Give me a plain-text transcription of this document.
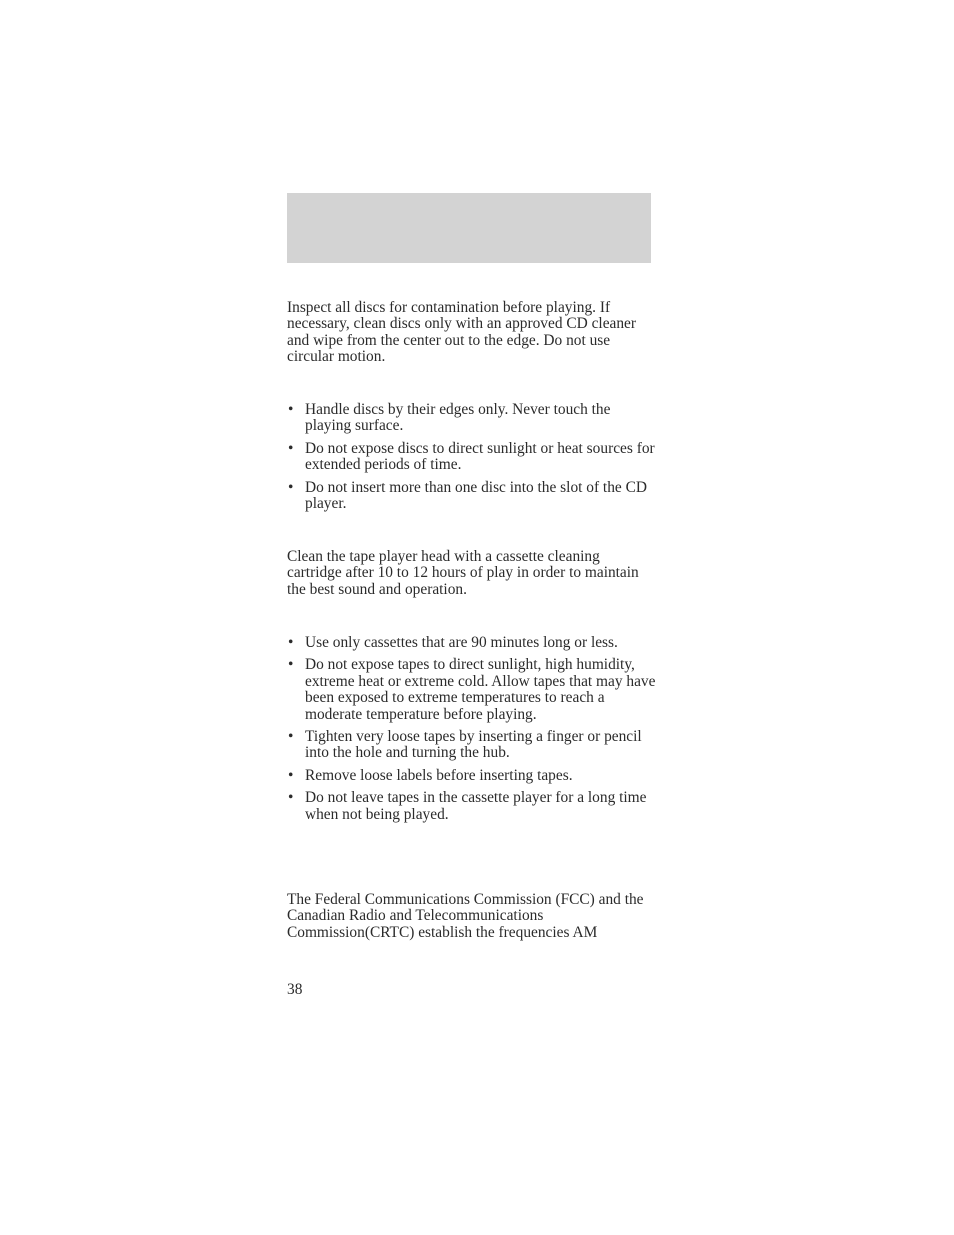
Inspect all discs for contamination before playing. If necessary, clean discs only with an approved CD cleaner and wipe from the center out to the edge. Do not use circular motion.

• Handle discs by their edges only. Never touch the playing surface.
• Do not expose discs to direct sunlight or heat sources for extended periods of time.
• Do not insert more than one disc into the slot of the CD player.

Clean the tape player head with a cassette cleaning cartridge after 10 to 12 hours of play in order to maintain the best sound and operation.

• Use only cassettes that are 90 minutes long or less.
• Do not expose tapes to direct sunlight, high humidity, extreme heat or extreme cold. Allow tapes that may have been exposed to extreme temperatures to reach a moderate temperature before playing.
• Tighten very loose tapes by inserting a finger or pencil into the hole and turning the hub.
• Remove loose labels before inserting tapes.
• Do not leave tapes in the cassette player for a long time when not being played.

The Federal Communications Commission (FCC) and the Canadian Radio and Telecommunications Commission(CRTC) establish the frequencies AM

38
